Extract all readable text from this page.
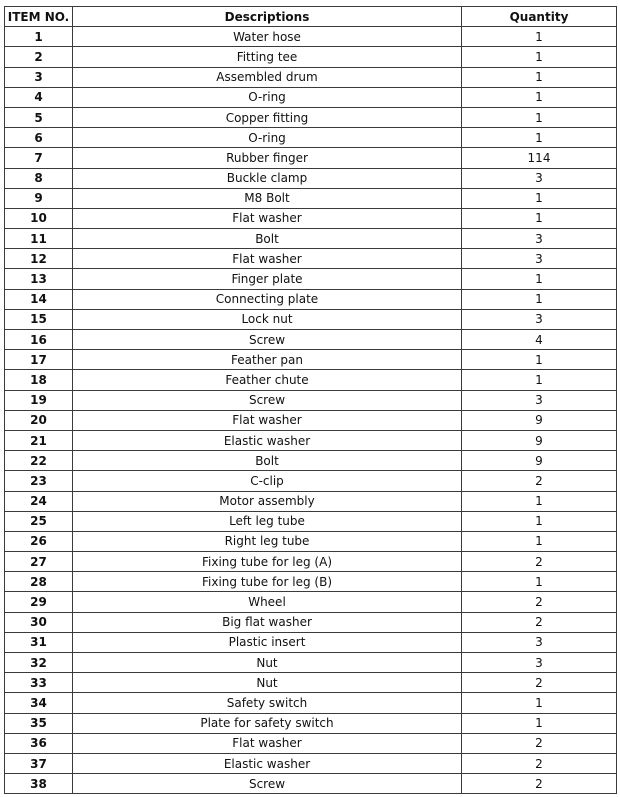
ITEM NO.	Descriptions	Quantity
1	Water hose	1
2	Fitting tee	1
3	Assembled drum	1
4	O-ring	1
5	Copper fitting	1
6	O-ring	1
7	Rubber finger	114
8	Buckle clamp	3
9	M8 Bolt	1
10	Flat washer	1
11	Bolt	3
12	Flat washer	3
13	Finger plate	1
14	Connecting plate	1
15	Lock nut	3
16	Screw	4
17	Feather pan	1
18	Feather chute	1
19	Screw	3
20	Flat washer	9
21	Elastic washer	9
22	Bolt	9
23	C-clip	2
24	Motor assembly	1
25	Left leg tube	1
26	Right leg tube	1
27	Fixing tube for leg (A)	2
28	Fixing tube for leg (B)	1
29	Wheel	2
30	Big flat washer	2
31	Plastic insert	3
32	Nut	3
33	Nut	2
34	Safety switch	1
35	Plate for safety switch	1
36	Flat washer	2
37	Elastic washer	2
38	Screw	2
